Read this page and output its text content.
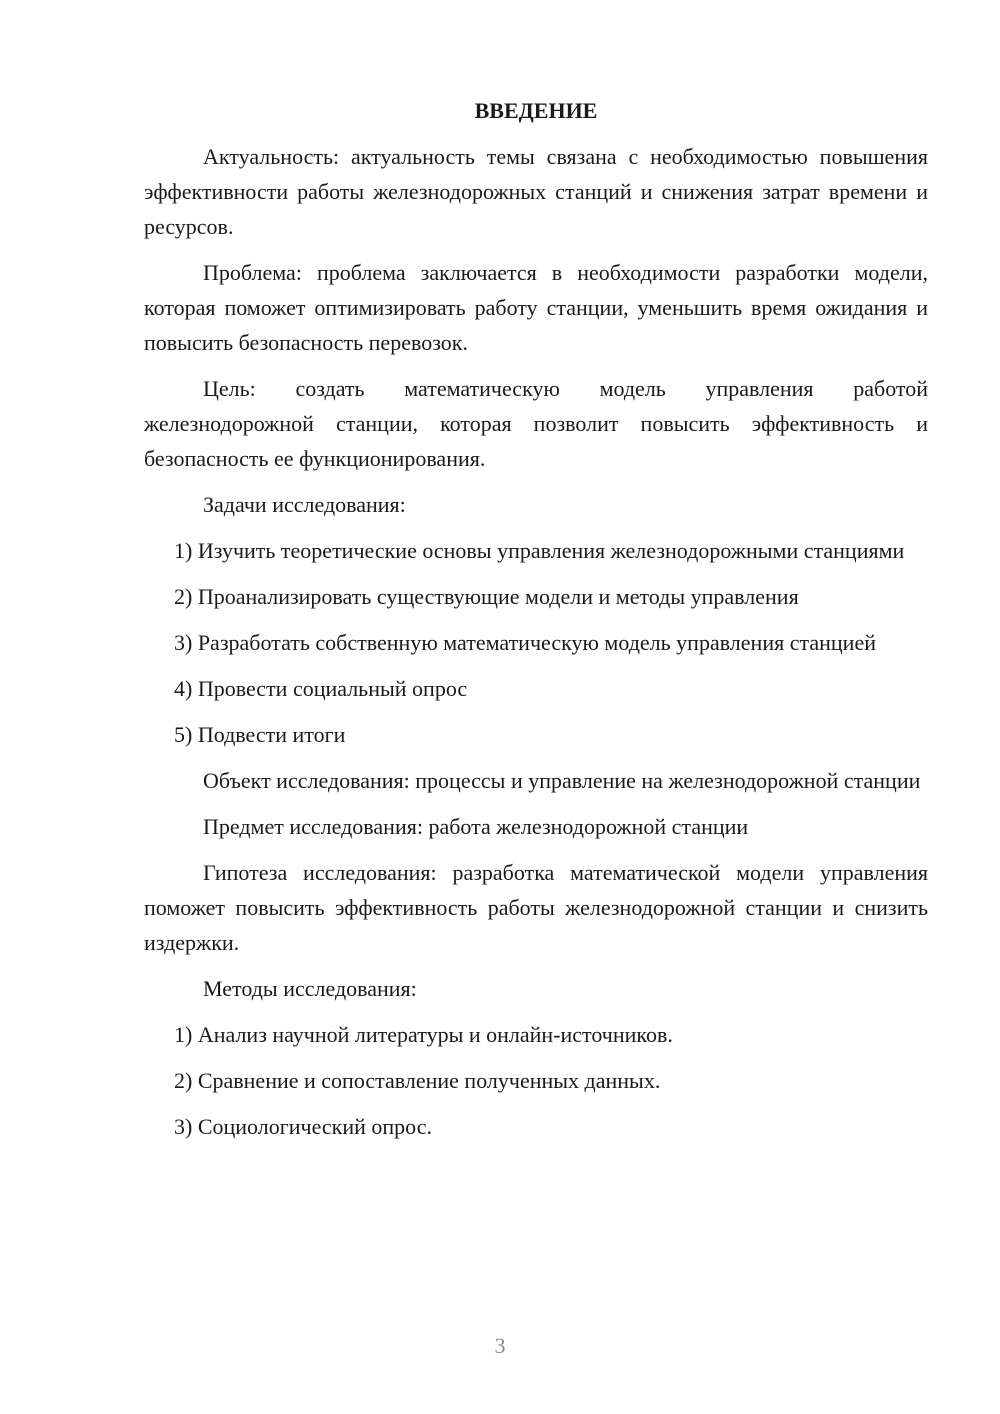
ВВЕДЕНИЕ

Актуальность: актуальность темы связана с необходимостью повышения эффективности работы железнодорожных станций и снижения затрат времени и ресурсов.

Проблема: проблема заключается в необходимости разработки модели, которая поможет оптимизировать работу станции, уменьшить время ожидания и повысить безопасность перевозок.

Цель: создать математическую модель управления работой железнодорожной станции, которая позволит повысить эффективность и безопасность ее функционирования.

Задачи исследования:

1) Изучить теоретические основы управления железнодорожными станциями

2) Проанализировать существующие модели и методы управления

3) Разработать собственную математическую модель управления станцией

4) Провести социальный опрос

5) Подвести итоги

Объект исследования: процессы и управление на железнодорожной станции

Предмет исследования: работа железнодорожной станции

Гипотеза исследования: разработка математической модели управления поможет повысить эффективность работы железнодорожной станции и снизить издержки.

Методы исследования:

1) Анализ научной литературы и онлайн-источников.

2) Сравнение и сопоставление полученных данных.

3) Социологический опрос.

3
